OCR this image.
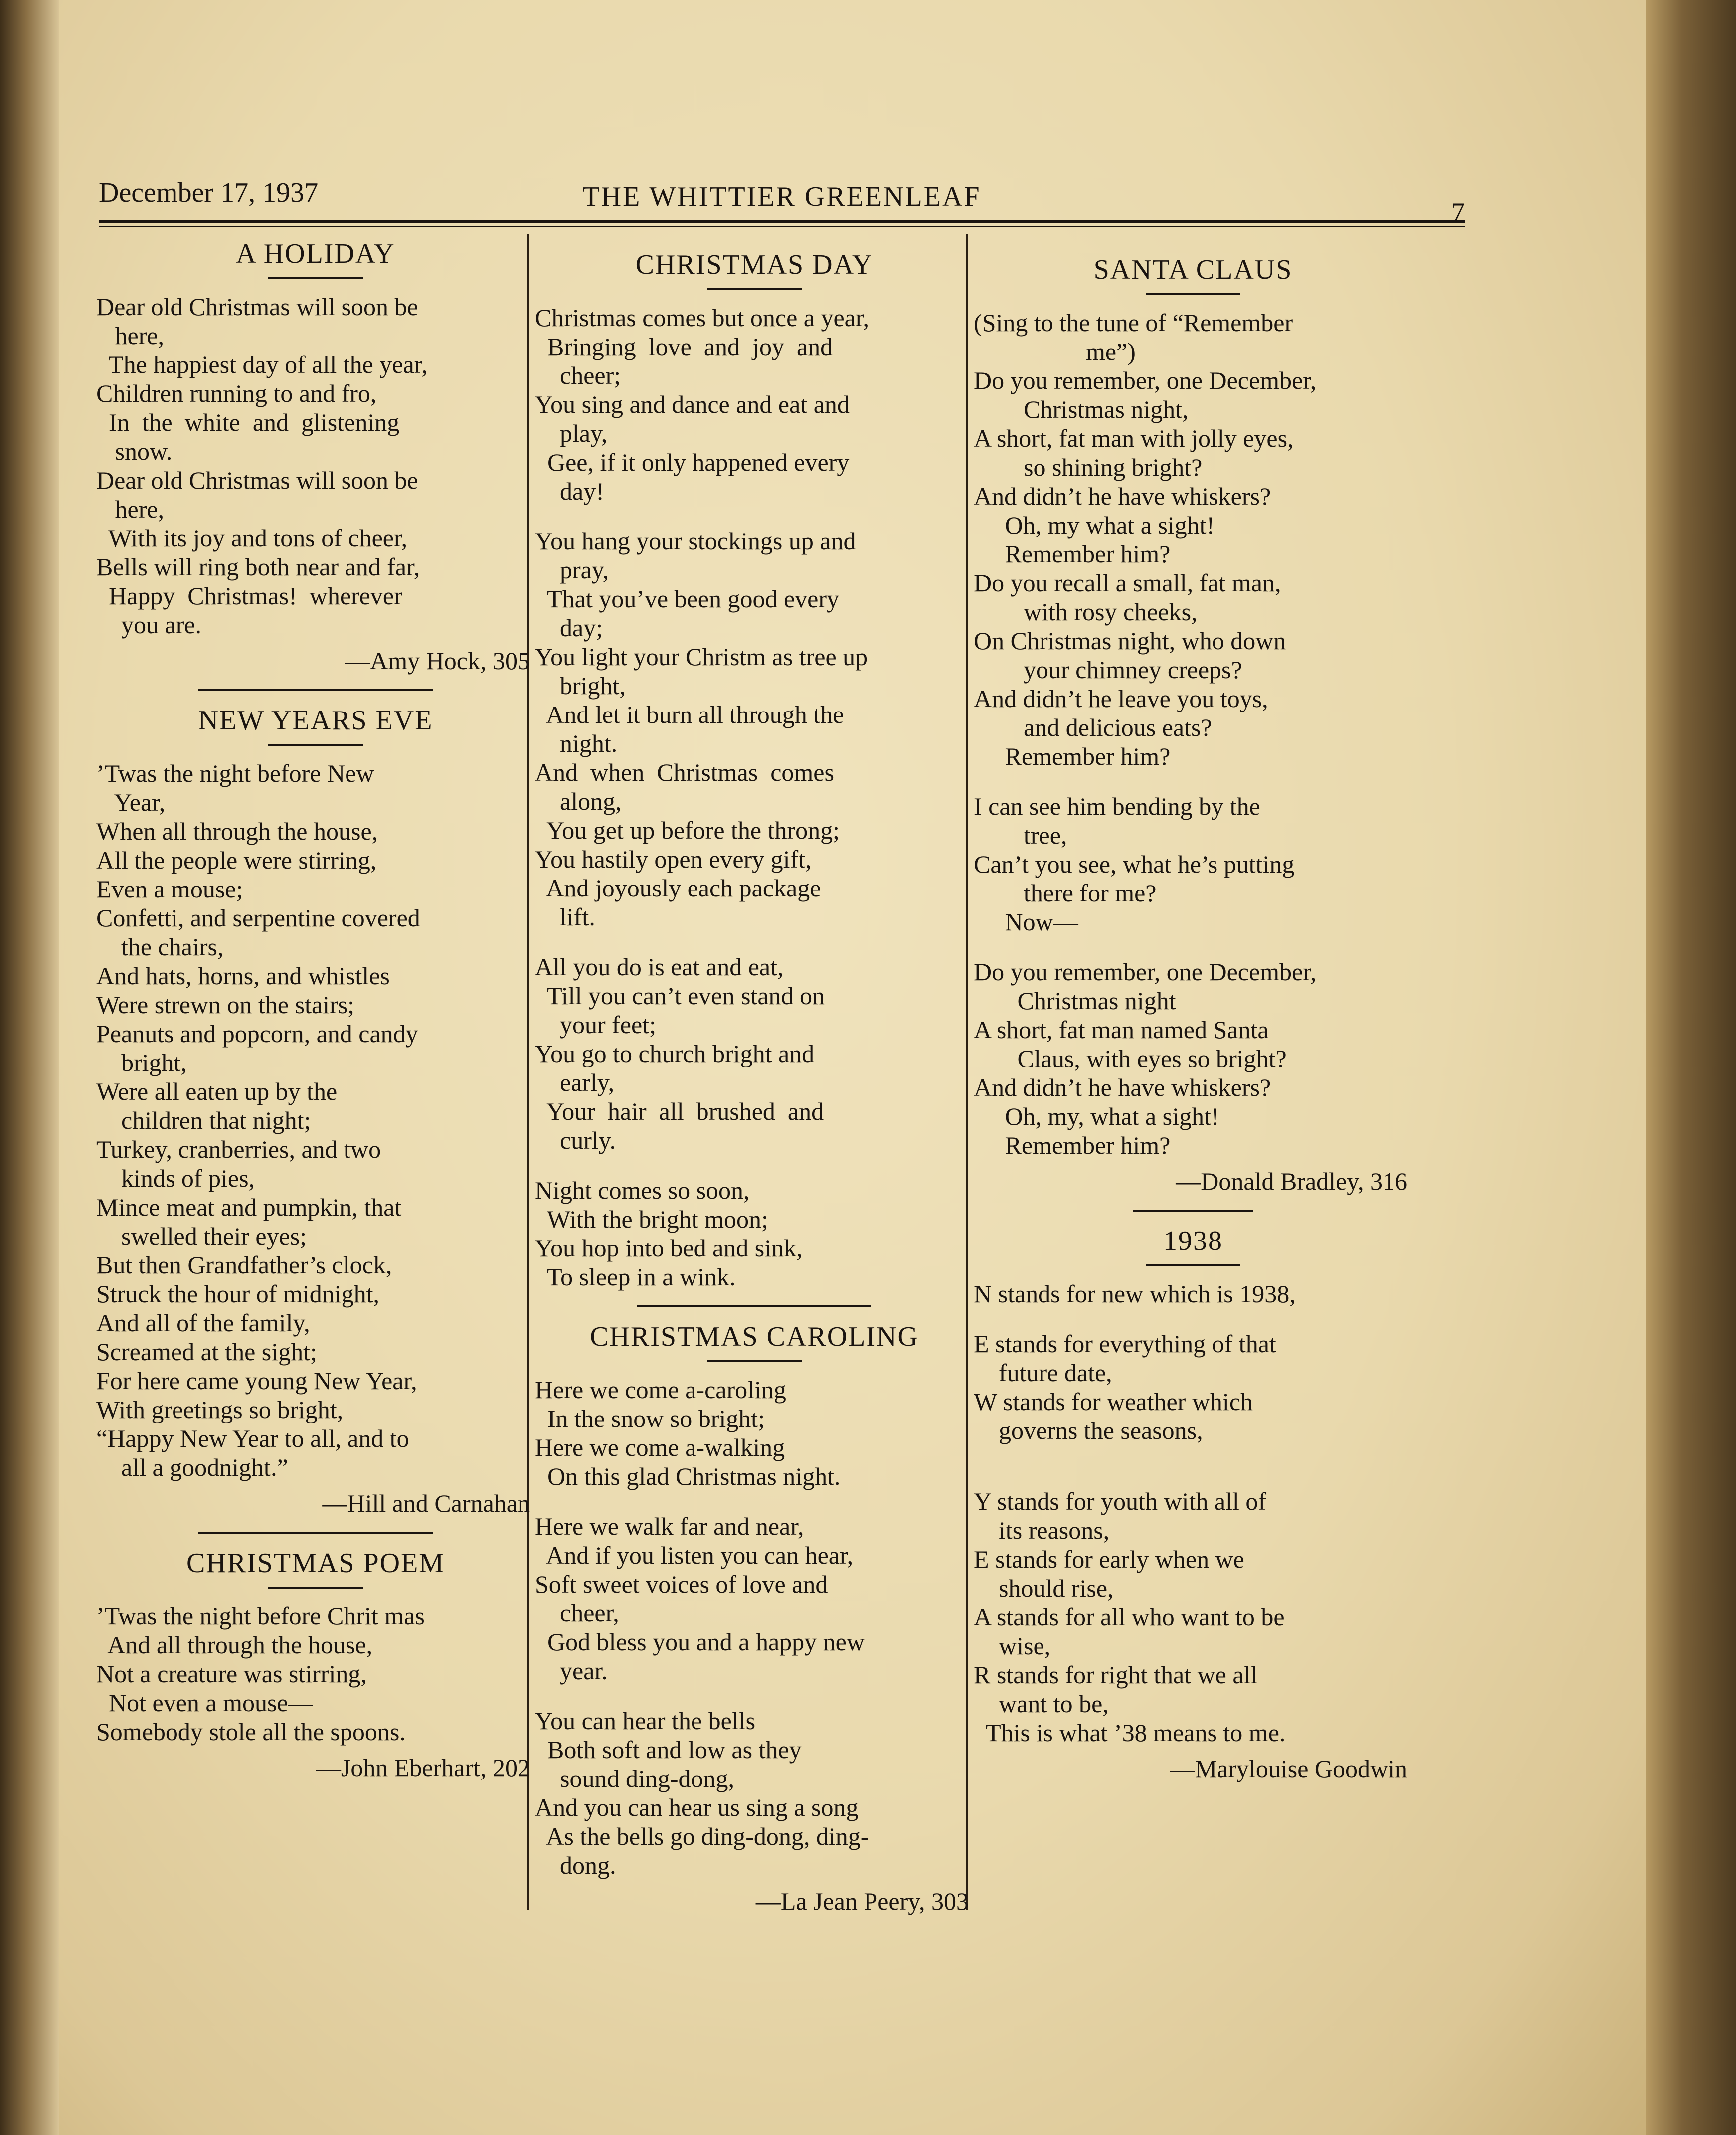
December 17, 1937	THE WHITTIER GREENLEAF	7
A HOLIDAY
Dear old Christmas will soon be
here,
The happiest day of all the year,
Children running to and fro,
In  the  white  and  glistening
snow.
Dear old Christmas will soon be
here,
With its joy and tons of cheer,
Bells will ring both near and far,
Happy  Christmas!  wherever
you are.
—Amy Hock, 305
NEW YEARS EVE
’Twas the night before New
Year,
When all through the house,
All the people were stirring,
Even a mouse;
Confetti, and serpentine covered
the chairs,
And hats, horns, and whistles
Were strewn on the stairs;
Peanuts and popcorn, and candy
bright,
Were all eaten up by the
children that night;
Turkey, cranberries, and two
kinds of pies,
Mince meat and pumpkin, that
swelled their eyes;
But then Grandfather’s clock,
Struck the hour of midnight,
And all of the family,
Screamed at the sight;
For here came young New Year,
With greetings so bright,
“Happy New Year to all, and to
all a goodnight.”
—Hill and Carnahan
CHRISTMAS POEM
’Twas the night before Chrit mas
And all through the house,
Not a creature was stirring,
Not even a mouse—
Somebody stole all the spoons.
—John Eberhart, 202
CHRISTMAS DAY
Christmas comes but once a year,
Bringing  love  and  joy  and
cheer;
You sing and dance and eat and
play,
Gee, if it only happened every
day!
You hang your stockings up and
pray,
That you’ve been good every
day;
You light your Christm as tree up
bright,
And let it burn all through the
night.
And  when  Christmas  comes
along,
You get up before the throng;
You hastily open every gift,
And joyously each package
lift.
All you do is eat and eat,
Till you can’t even stand on
your feet;
You go to church bright and
early,
Your  hair  all  brushed  and
curly.
Night comes so soon,
With the bright moon;
You hop into bed and sink,
To sleep in a wink.
CHRISTMAS CAROLING
Here we come a-caroling
In the snow so bright;
Here we come a-walking
On this glad Christmas night.
Here we walk far and near,
And if you listen you can hear,
Soft sweet voices of love and
cheer,
God bless you and a happy new
year.
You can hear the bells
Both soft and low as they
sound ding-dong,
And you can hear us sing a song
As the bells go ding-dong, ding-
dong.
—La Jean Peery, 303
SANTA CLAUS
(Sing to the tune of “Remember
me”)
Do you remember, one December,
Christmas night,
A short, fat man with jolly eyes,
so shining bright?
And didn’t he have whiskers?
Oh, my what a sight!
Remember him?
Do you recall a small, fat man,
with rosy cheeks,
On Christmas night, who down
your chimney creeps?
And didn’t he leave you toys,
and delicious eats?
Remember him?
I can see him bending by the
tree,
Can’t you see, what he’s putting
there for me?
Now—
Do you remember, one December,
Christmas night
A short, fat man named Santa
Claus, with eyes so bright?
And didn’t he have whiskers?
Oh, my, what a sight!
Remember him?
—Donald Bradley, 316
1938
N stands for new which is 1938,
E stands for everything of that
future date,
W stands for weather which
governs the seasons,
Y stands for youth with all of
its reasons,
E stands for early when we
should rise,
A stands for all who want to be
wise,
R stands for right that we all
want to be,
This is what ’38 means to me.
—Marylouise Goodwin
